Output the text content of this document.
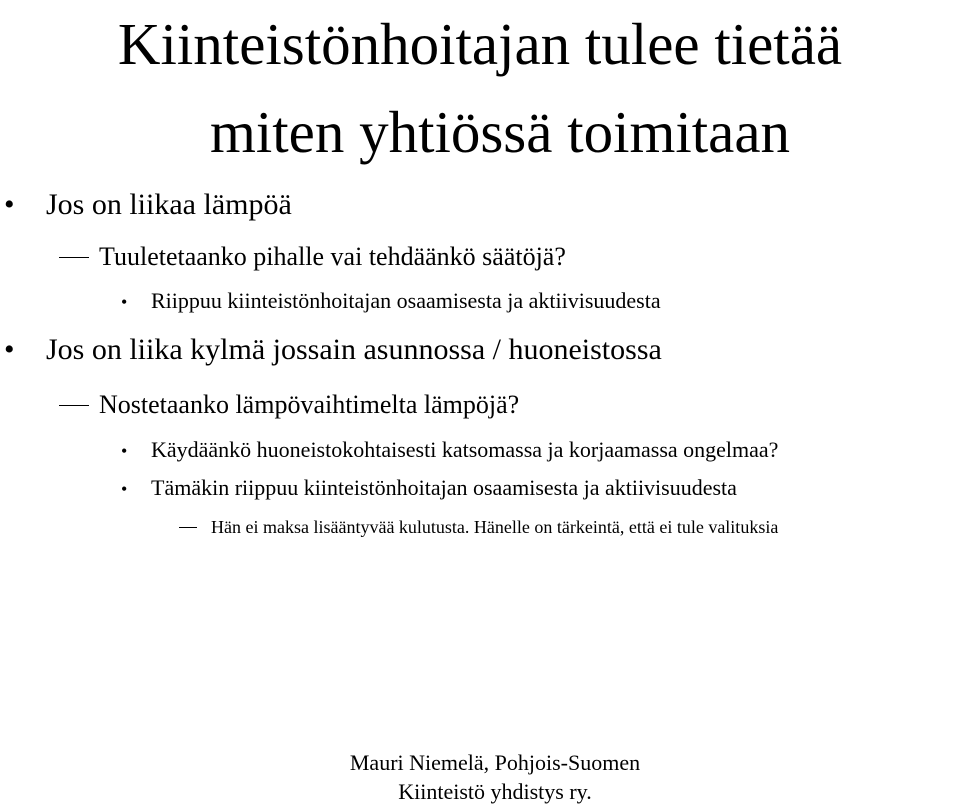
Kiinteistönhoitajan tulee tietää
miten yhtiössä toimitaan
•	Jos on liikaa lämpöä
Tuuletetaanko pihalle vai tehdäänkö säätöjä?
•	Riippuu kiinteistönhoitajan osaamisesta ja aktiivisuudesta
•	Jos on liika kylmä jossain asunnossa / huoneistossa
Nostetaanko lämpövaihtimelta lämpöjä?
•	Käydäänkö huoneistokohtaisesti katsomassa ja korjaamassa ongelmaa?
•	Tämäkin riippuu kiinteistönhoitajan osaamisesta ja aktiivisuudesta
Hän ei maksa lisääntyvää kulutusta. Hänelle on tärkeintä, että ei tule valituksia
Mauri Niemelä, Pohjois-Suomen
Kiinteistö yhdistys ry.
